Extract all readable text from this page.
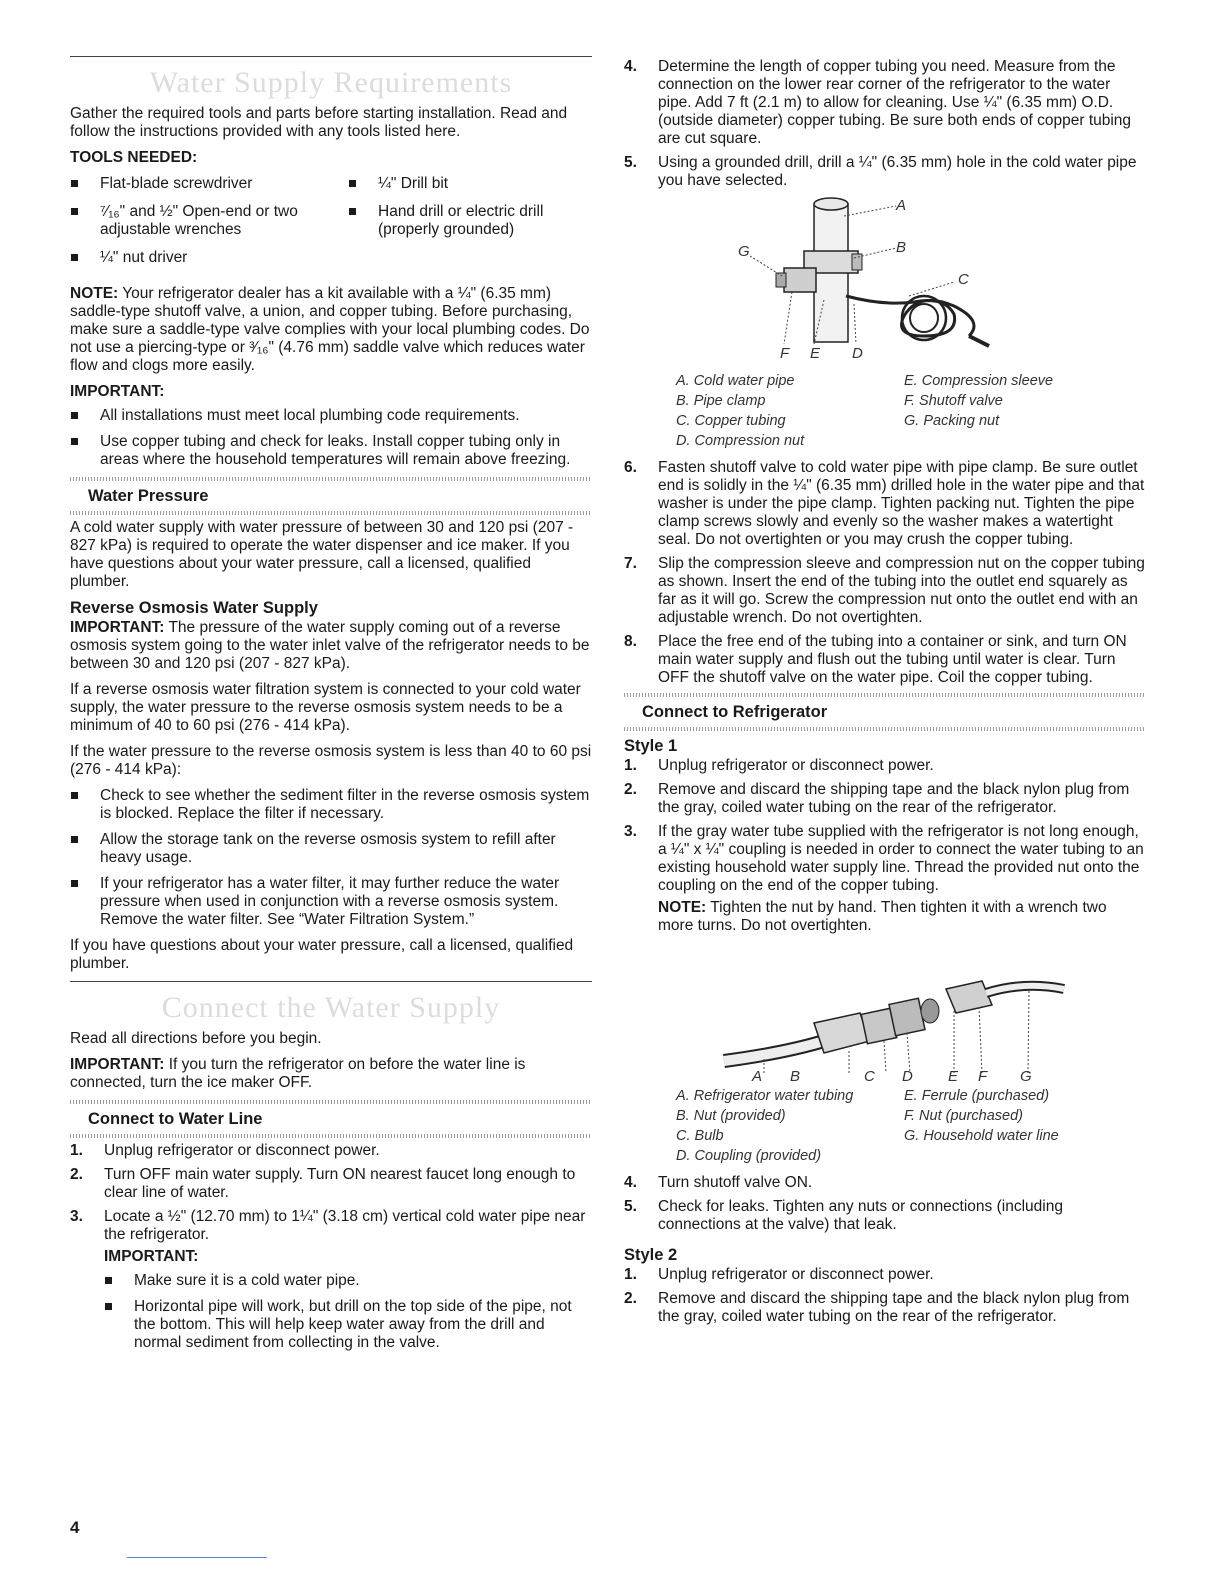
Water Supply Requirements

Gather the required tools and parts before starting installation. Read and follow the instructions provided with any tools listed here.

TOOLS NEEDED:
Flat-blade screwdriver	¼" Drill bit
⁷⁄₁₆" and ½" Open-end or two adjustable wrenches
Hand drill or electric drill (properly grounded)
¼" nut driver

NOTE: Your refrigerator dealer has a kit available with a ¼" (6.35 mm) saddle-type shutoff valve, a union, and copper tubing. Before purchasing, make sure a saddle-type valve complies with your local plumbing codes. Do not use a piercing-type or ³⁄₁₆" (4.76 mm) saddle valve which reduces water flow and clogs more easily.

IMPORTANT:
All installations must meet local plumbing code requirements.
Use copper tubing and check for leaks. Install copper tubing only in areas where the household temperatures will remain above freezing.
Water Pressure

A cold water supply with water pressure of between 30 and 120 psi (207 - 827 kPa) is required to operate the water dispenser and ice maker. If you have questions about your water pressure, call a licensed, qualified plumber.

Reverse Osmosis Water Supply

IMPORTANT: The pressure of the water supply coming out of a reverse osmosis system going to the water inlet valve of the refrigerator needs to be between 30 and 120 psi (207 - 827 kPa).

If a reverse osmosis water filtration system is connected to your cold water supply, the water pressure to the reverse osmosis system needs to be a minimum of 40 to 60 psi (276 - 414 kPa).

If the water pressure to the reverse osmosis system is less than 40 to 60 psi (276 - 414 kPa):

Check to see whether the sediment filter in the reverse osmosis system is blocked. Replace the filter if necessary.
Allow the storage tank on the reverse osmosis system to refill after heavy usage.
If your refrigerator has a water filter, it may further reduce the water pressure when used in conjunction with a reverse osmosis system. Remove the water filter. See “Water Filtration System.”

If you have questions about your water pressure, call a licensed, qualified plumber.

Connect the Water Supply

Read all directions before you begin.

IMPORTANT: If you turn the refrigerator on before the water line is connected, turn the ice maker OFF.

Connect to Water Line
1. Unplug refrigerator or disconnect power.
2. Turn OFF main water supply. Turn ON nearest faucet long enough to clear line of water.
3. Locate a ½" (12.70 mm) to 1¼" (3.18 cm) vertical cold water pipe near the refrigerator.
IMPORTANT:
Make sure it is a cold water pipe.
Horizontal pipe will work, but drill on the top side of the pipe, not the bottom. This will help keep water away from the drill and normal sediment from collecting in the valve.
4. Determine the length of copper tubing you need. Measure from the connection on the lower rear corner of the refrigerator to the water pipe. Add 7 ft (2.1 m) to allow for cleaning. Use ¼" (6.35 mm) O.D. (outside diameter) copper tubing. Be sure both ends of copper tubing are cut square.
5. Using a grounded drill, drill a ¼" (6.35 mm) hole in the cold water pipe you have selected.
A
B
C
D
E
F
G
A. Cold water pipe	E. Compression sleeve
B. Pipe clamp	F. Shutoff valve
C. Copper tubing	G. Packing nut
D. Compression nut
6. Fasten shutoff valve to cold water pipe with pipe clamp. Be sure outlet end is solidly in the ¼" (6.35 mm) drilled hole in the water pipe and that washer is under the pipe clamp. Tighten packing nut. Tighten the pipe clamp screws slowly and evenly so the washer makes a watertight seal. Do not overtighten or you may crush the copper tubing.
7. Slip the compression sleeve and compression nut on the copper tubing as shown. Insert the end of the tubing into the outlet end squarely as far as it will go. Screw the compression nut onto the outlet end with an adjustable wrench. Do not overtighten.
8. Place the free end of the tubing into a container or sink, and turn ON main water supply and flush out the tubing until water is clear. Turn OFF the shutoff valve on the water pipe. Coil the copper tubing.
Connect to Refrigerator
Style 1
1. Unplug refrigerator or disconnect power.
2. Remove and discard the shipping tape and the black nylon plug from the gray, coiled water tubing on the rear of the refrigerator.
3. If the gray water tube supplied with the refrigerator is not long enough, a ¼" x ¼" coupling is needed in order to connect the water tubing to an existing household water supply line. Thread the provided nut onto the coupling on the end of the copper tubing.

NOTE: Tighten the nut by hand. Then tighten it with a wrench two more turns. Do not overtighten.

A B	C D E F G
A. Refrigerator water tubing	E. Ferrule (purchased)
B. Nut (provided)	F. Nut (purchased)
C. Bulb	G. Household water line
D. Coupling (provided)
4. Turn shutoff valve ON.
5. Check for leaks. Tighten any nuts or connections (including connections at the valve) that leak.
Style 2
1. Unplug refrigerator or disconnect power.
2. Remove and discard the shipping tape and the black nylon plug from the gray, coiled water tubing on the rear of the refrigerator.
4
